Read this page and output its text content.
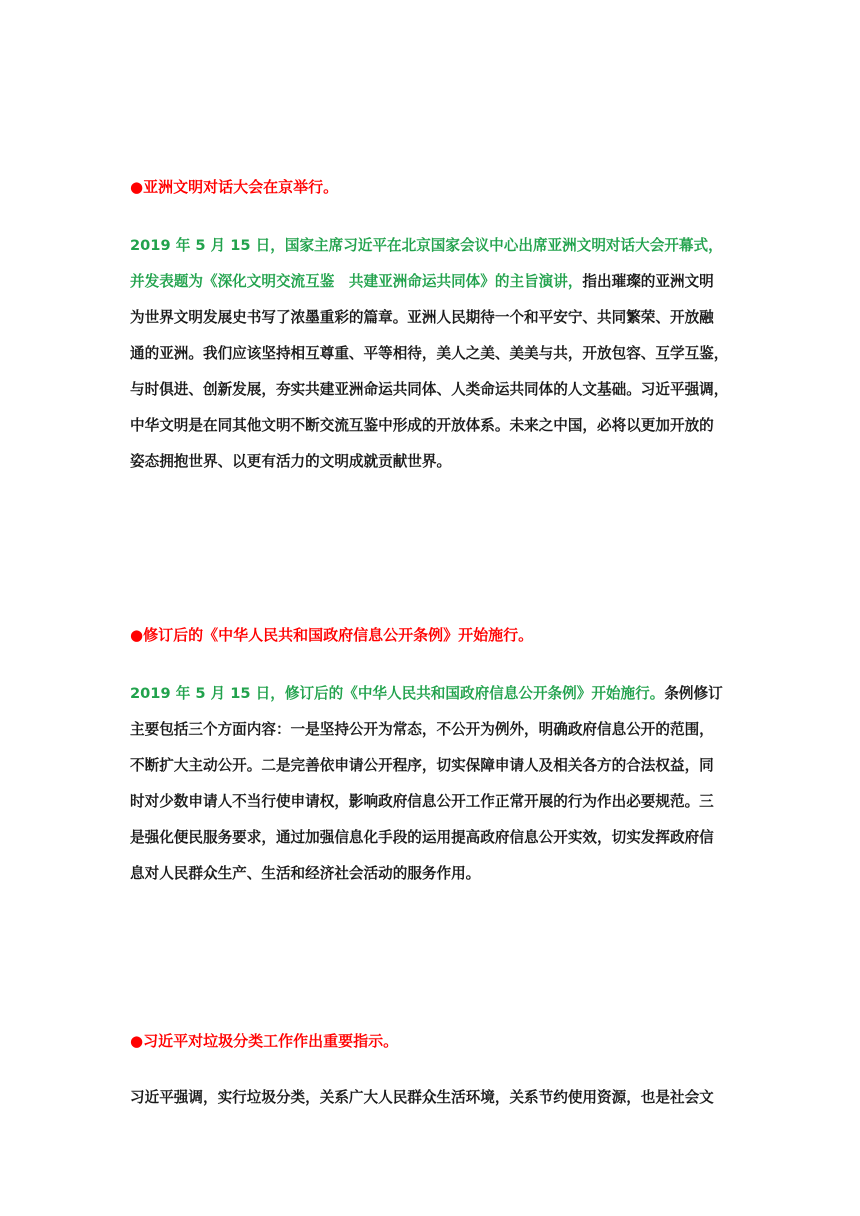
●亚洲文明对话大会在京举行。
2019 年 5 月 15 日，国家主席习近平在北京国家会议中心出席亚洲文明对话大会开幕式，
并发表题为《深化文明交流互鉴　共建亚洲命运共同体》的主旨演讲，指出璀璨的亚洲文明
为世界文明发展史书写了浓墨重彩的篇章。亚洲人民期待一个和平安宁、共同繁荣、开放融
通的亚洲。我们应该坚持相互尊重、平等相待，美人之美、美美与共，开放包容、互学互鉴，
与时俱进、创新发展，夯实共建亚洲命运共同体、人类命运共同体的人文基础。习近平强调，
中华文明是在同其他文明不断交流互鉴中形成的开放体系。未来之中国，必将以更加开放的
姿态拥抱世界、以更有活力的文明成就贡献世界。
●修订后的《中华人民共和国政府信息公开条例》开始施行。
2019 年 5 月 15 日，修订后的《中华人民共和国政府信息公开条例》开始施行。条例修订
主要包括三个方面内容：一是坚持公开为常态，不公开为例外，明确政府信息公开的范围，
不断扩大主动公开。二是完善依申请公开程序，切实保障申请人及相关各方的合法权益，同
时对少数申请人不当行使申请权，影响政府信息公开工作正常开展的行为作出必要规范。三
是强化便民服务要求，通过加强信息化手段的运用提高政府信息公开实效，切实发挥政府信
息对人民群众生产、生活和经济社会活动的服务作用。
●习近平对垃圾分类工作作出重要指示。
习近平强调，实行垃圾分类，关系广大人民群众生活环境，关系节约使用资源，也是社会文
